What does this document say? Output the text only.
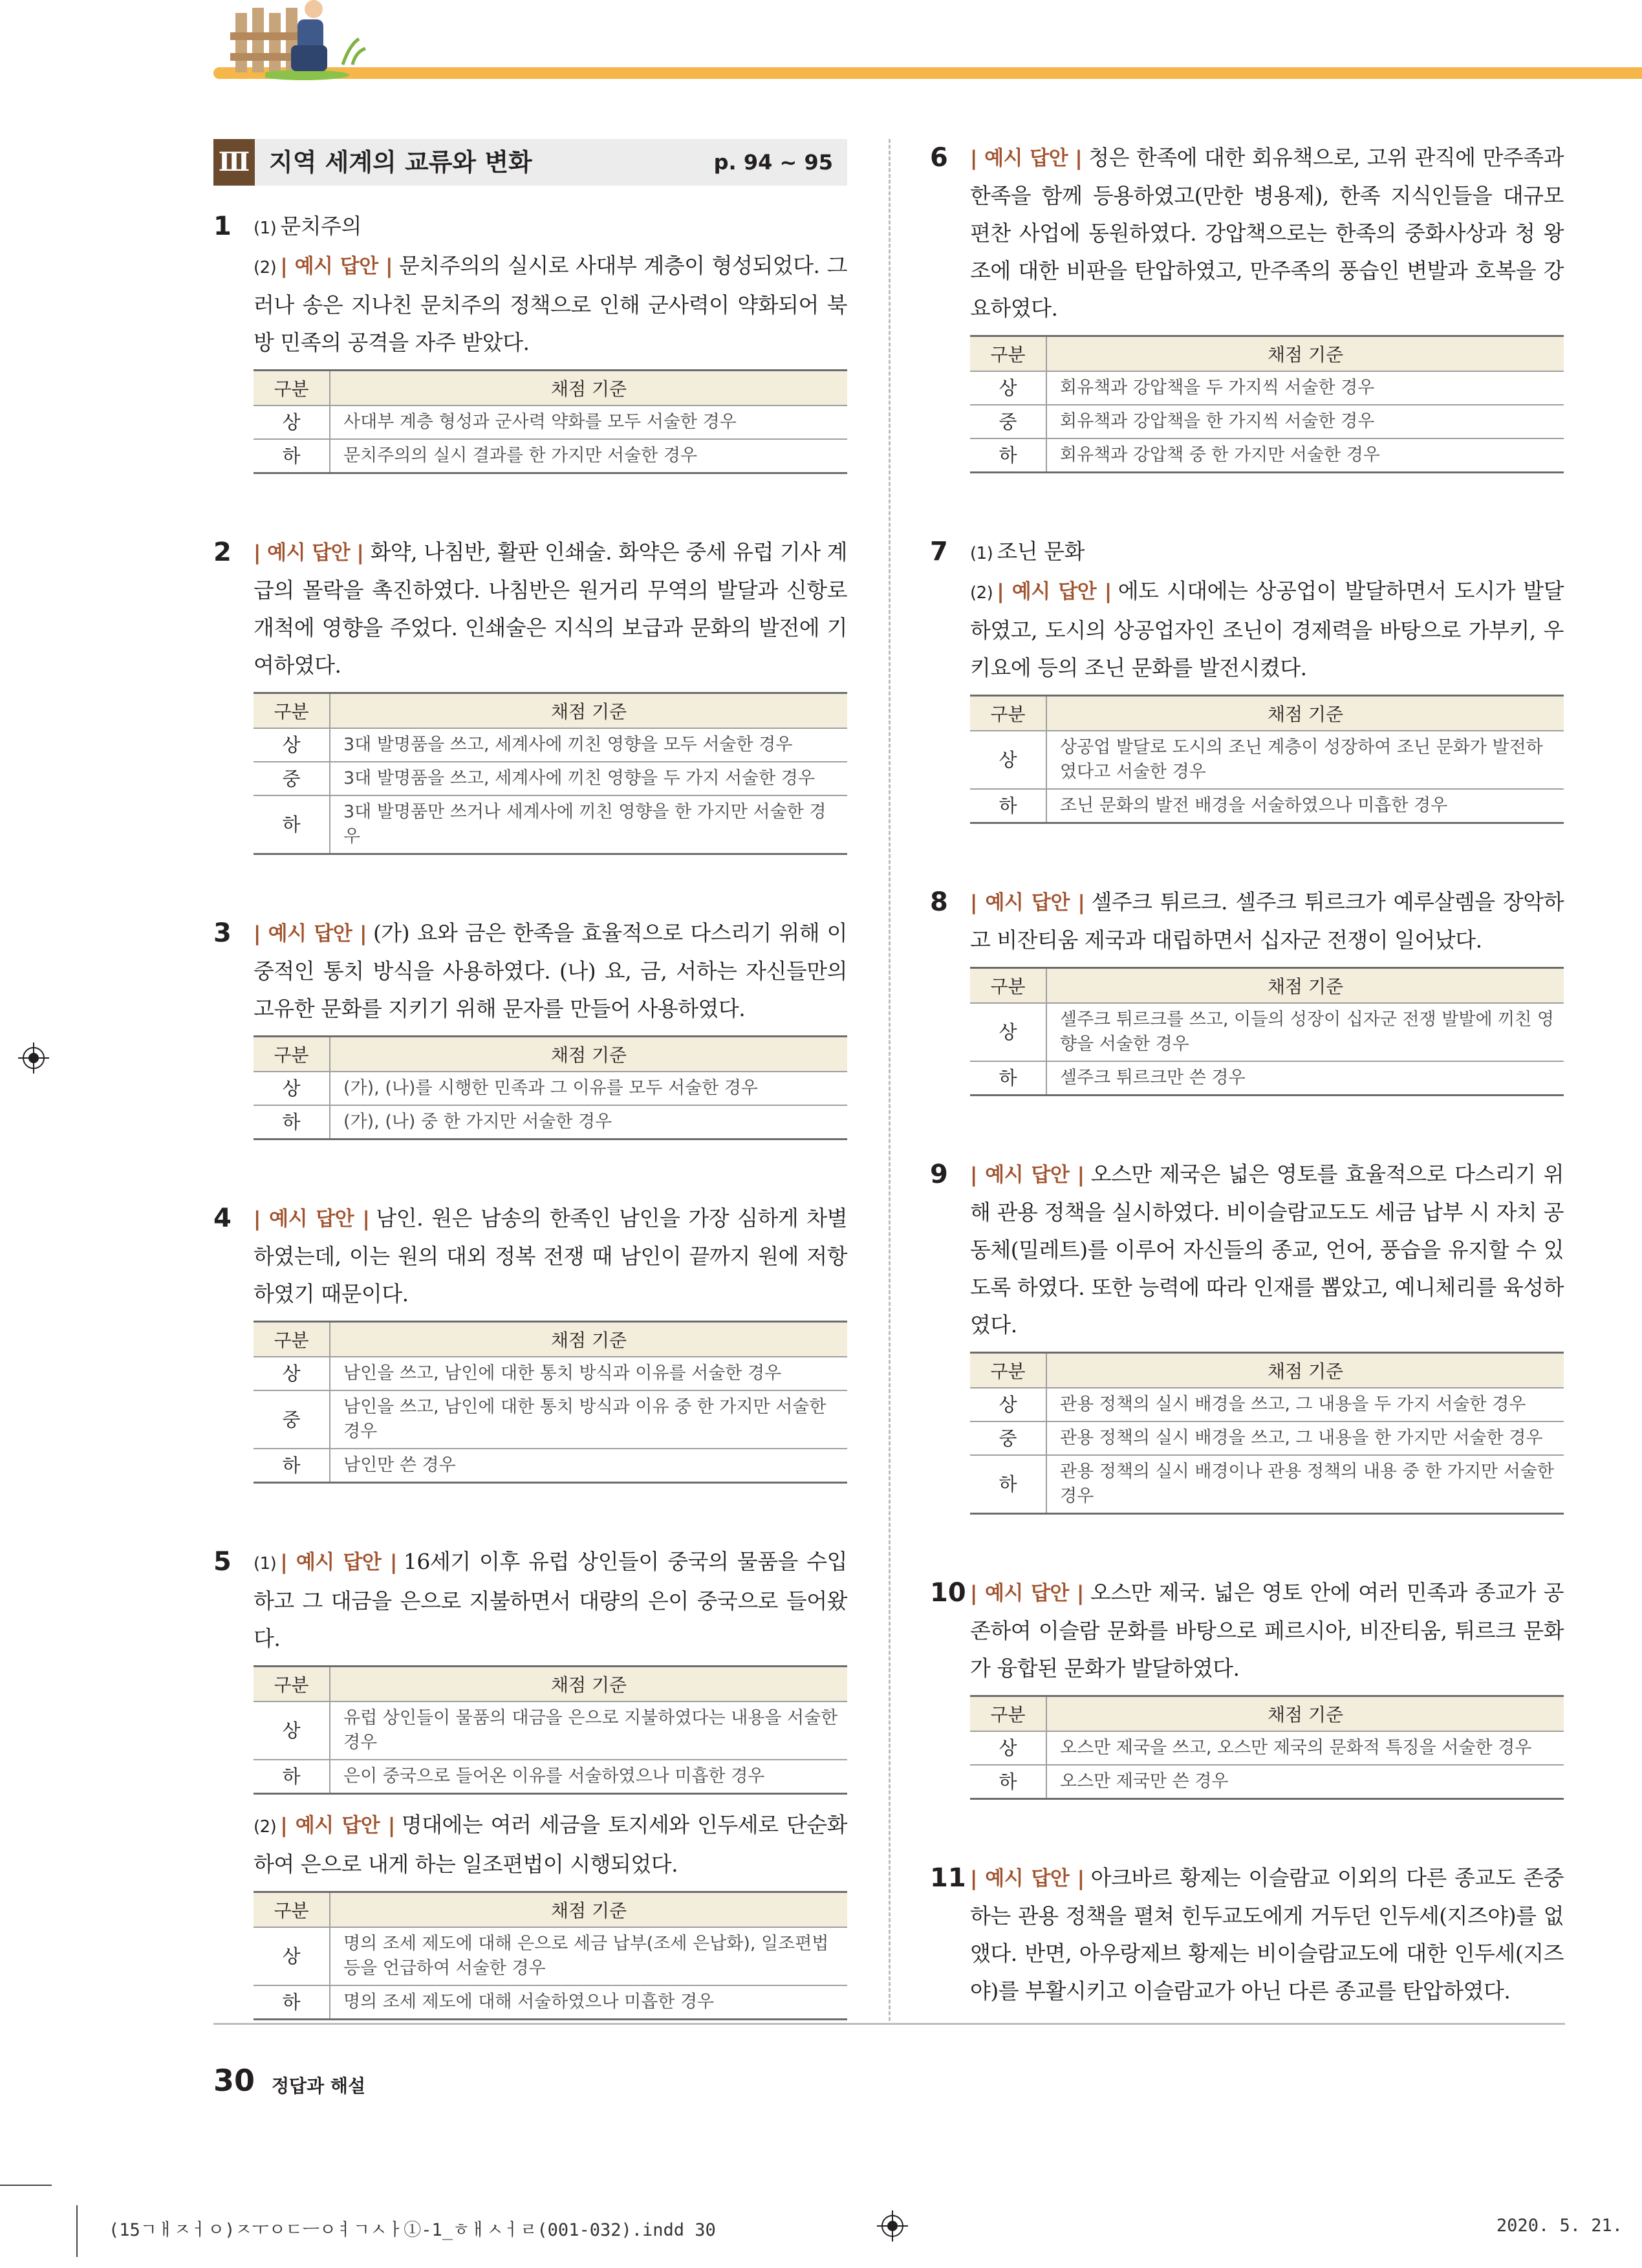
Ⅲ 지역 세계의 교류와 변화	p. 94 ~ 95
1 (1) 문치주의
(2) | 예시 답안 | 문치주의의 실시로 사대부 계층이 형성되었다. 그러나 송은 지나친 문치주의 정책으로 인해 군사력이 약화되어 북방 민족의 공격을 자주 받았다.
구분	채점 기준
상	사대부 계층 형성과 군사력 약화를 모두 서술한 경우
하	문치주의의 실시 결과를 한 가지만 서술한 경우
2 | 예시 답안 | 화약, 나침반, 활판 인쇄술. 화약은 중세 유럽 기사 계급의 몰락을 촉진하였다. 나침반은 원거리 무역의 발달과 신항로 개척에 영향을 주었다. 인쇄술은 지식의 보급과 문화의 발전에 기여하였다.
구분	채점 기준
상	3대 발명품을 쓰고, 세계사에 끼친 영향을 모두 서술한 경우
중	3대 발명품을 쓰고, 세계사에 끼친 영향을 두 가지 서술한 경우
하	3대 발명품만 쓰거나 세계사에 끼친 영향을 한 가지만 서술한 경우
3 | 예시 답안 | (가) 요와 금은 한족을 효율적으로 다스리기 위해 이중적인 통치 방식을 사용하였다. (나) 요, 금, 서하는 자신들만의 고유한 문화를 지키기 위해 문자를 만들어 사용하였다.
구분	채점 기준
상	(가), (나)를 시행한 민족과 그 이유를 모두 서술한 경우
하	(가), (나) 중 한 가지만 서술한 경우
4 | 예시 답안 | 남인. 원은 남송의 한족인 남인을 가장 심하게 차별하였는데, 이는 원의 대외 정복 전쟁 때 남인이 끝까지 원에 저항하였기 때문이다.
구분	채점 기준
상	남인을 쓰고, 남인에 대한 통치 방식과 이유를 서술한 경우
중	남인을 쓰고, 남인에 대한 통치 방식과 이유 중 한 가지만 서술한 경우
하	남인만 쓴 경우
5 (1) | 예시 답안 | 16세기 이후 유럽 상인들이 중국의 물품을 수입하고 그 대금을 은으로 지불하면서 대량의 은이 중국으로 들어왔다.
구분	채점 기준
상	유럽 상인들이 물품의 대금을 은으로 지불하였다는 내용을 서술한 경우
하	은이 중국으로 들어온 이유를 서술하였으나 미흡한 경우
(2) | 예시 답안 | 명대에는 여러 세금을 토지세와 인두세로 단순화하여 은으로 내게 하는 일조편법이 시행되었다.
구분	채점 기준
상	명의 조세 제도에 대해 은으로 세금 납부(조세 은납화), 일조편법 등을 언급하여 서술한 경우
하	명의 조세 제도에 대해 서술하였으나 미흡한 경우
6 | 예시 답안 | 청은 한족에 대한 회유책으로, 고위 관직에 만주족과 한족을 함께 등용하였고(만한 병용제), 한족 지식인들을 대규모 편찬 사업에 동원하였다. 강압책으로는 한족의 중화사상과 청 왕조에 대한 비판을 탄압하였고, 만주족의 풍습인 변발과 호복을 강요하였다.
구분	채점 기준
상	회유책과 강압책을 두 가지씩 서술한 경우
중	회유책과 강압책을 한 가지씩 서술한 경우
하	회유책과 강압책 중 한 가지만 서술한 경우
7 (1) 조닌 문화
(2) | 예시 답안 | 에도 시대에는 상공업이 발달하면서 도시가 발달하였고, 도시의 상공업자인 조닌이 경제력을 바탕으로 가부키, 우키요에 등의 조닌 문화를 발전시켰다.
구분	채점 기준
상	상공업 발달로 도시의 조닌 계층이 성장하여 조닌 문화가 발전하였다고 서술한 경우
하	조닌 문화의 발전 배경을 서술하였으나 미흡한 경우
8 | 예시 답안 | 셀주크 튀르크. 셀주크 튀르크가 예루살렘을 장악하고 비잔티움 제국과 대립하면서 십자군 전쟁이 일어났다.
구분	채점 기준
상	셀주크 튀르크를 쓰고, 이들의 성장이 십자군 전쟁 발발에 끼친 영향을 서술한 경우
하	셀주크 튀르크만 쓴 경우
9 | 예시 답안 | 오스만 제국은 넓은 영토를 효율적으로 다스리기 위해 관용 정책을 실시하였다. 비이슬람교도도 세금 납부 시 자치 공동체(밀레트)를 이루어 자신들의 종교, 언어, 풍습을 유지할 수 있도록 하였다. 또한 능력에 따라 인재를 뽑았고, 예니체리를 육성하였다.
구분	채점 기준
상	관용 정책의 실시 배경을 쓰고, 그 내용을 두 가지 서술한 경우
중	관용 정책의 실시 배경을 쓰고, 그 내용을 한 가지만 서술한 경우
하	관용 정책의 실시 배경이나 관용 정책의 내용 중 한 가지만 서술한 경우
10 | 예시 답안 | 오스만 제국. 넓은 영토 안에 여러 민족과 종교가 공존하여 이슬람 문화를 바탕으로 페르시아, 비잔티움, 튀르크 문화가 융합된 문화가 발달하였다.
구분	채점 기준
상	오스만 제국을 쓰고, 오스만 제국의 문화적 특징을 서술한 경우
하	오스만 제국만 쓴 경우
11 | 예시 답안 | 아크바르 황제는 이슬람교 이외의 다른 종교도 존중하는 관용 정책을 펼쳐 힌두교도에게 거두던 인두세(지즈야)를 없앴다. 반면, 아우랑제브 황제는 비이슬람교도에 대한 인두세(지즈야)를 부활시키고 이슬람교가 아닌 다른 종교를 탄압하였다.
30 정답과 해설
(15ㄱㅐㅈㅓㅇ)ㅈㅜㅇㄷㅡㅇㅕㄱㅅㅏ①-1_ㅎㅐㅅㅓㄹ(001-032).indd 30	2020. 5. 21.
